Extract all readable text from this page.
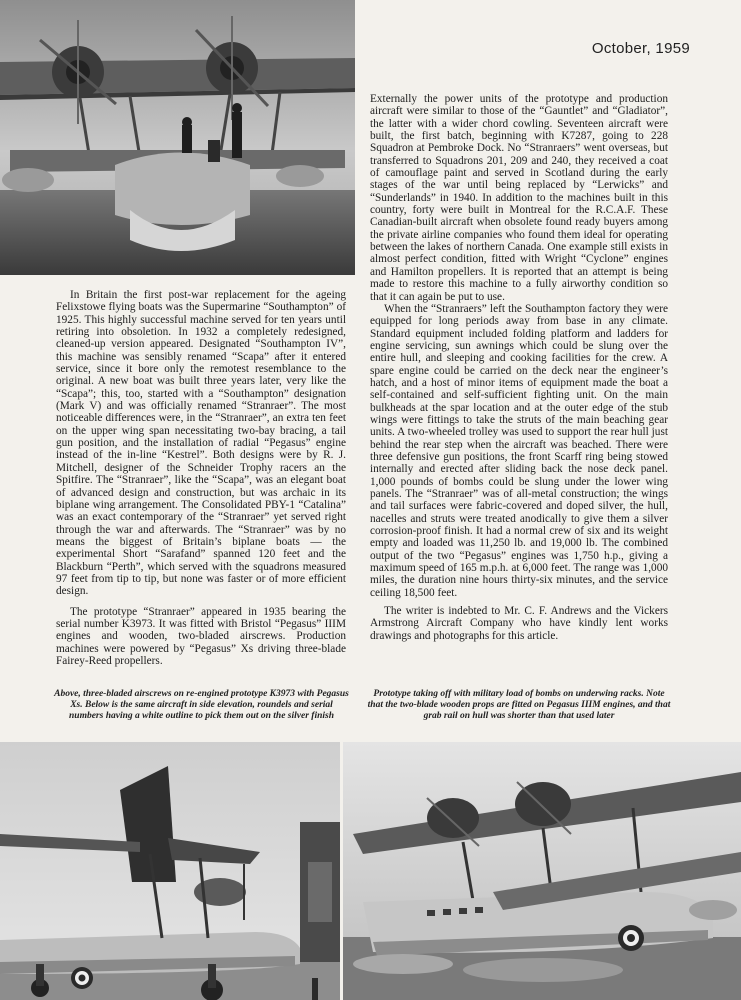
October, 1959

Externally the power units of the prototype and production aircraft were similar to those of the “Gauntlet” and “Gladiator”, the latter with a wider chord cowling. Seventeen aircraft were built, the first batch, beginning with K7287, going to 228 Squadron at Pembroke Dock. No “Stranraers” went overseas, but transferred to Squadrons 201, 209 and 240, they received a coat of camouflage paint and served in Scotland during the early stages of the war until being replaced by “Lerwicks” and “Sunderlands” in 1940. In addition to the machines built in this country, forty were built in Montreal for the R.C.A.F. These Canadian-built aircraft when obsolete found ready buyers among the private airline companies who found them ideal for operating between the lakes of northern Canada. One example still exists in almost perfect condition, fitted with Wright “Cyclone” engines and Hamilton propellers. It is reported that an attempt is being made to restore this machine to a fully airworthy condition so that it can again be put to use.

When the “Stranraers” left the Southampton factory they were equipped for long periods away from base in any climate. Standard equipment included folding platform and ladders for engine servicing, sun awnings which could be slung over the entire hull, and sleeping and cooking facilities for the crew. A spare engine could be carried on the deck near the engineer’s hatch, and a host of minor items of equipment made the boat a self-contained and self-sufficient fighting unit. On the main bulkheads at the spar location and at the outer edge of the stub wings were fittings to take the struts of the main beaching gear units. A two-wheeled trolley was used to support the rear hull just behind the rear step when the aircraft was beached. There were three defensive gun positions, the front Scarff ring being stowed internally and erected after sliding back the nose deck panel. 1,000 pounds of bombs could be slung under the lower wing panels. The “Stranraer” was of all-metal construction; the wings and tail surfaces were fabric-covered and doped silver, the hull, nacelles and struts were treated anodically to give them a silver corrosion-proof finish. It had a normal crew of six and its weight empty and loaded was 11,250 lb. and 19,000 lb. The combined output of the two “Pegasus” engines was 1,750 h.p., giving a maximum speed of 165 m.p.h. at 6,000 feet. The range was 1,000 miles, the duration nine hours thirty-six minutes, and the service ceiling 18,500 feet.

The writer is indebted to Mr. C. F. Andrews and the Vickers Armstrong Aircraft Company who have kindly lent works drawings and photographs for this article.

In Britain the first post-war replacement for the ageing Felixstowe flying boats was the Supermarine “Southampton” of 1925. This highly successful machine served for ten years until retiring into obsoletion. In 1932 a completely redesigned, cleaned-up version appeared. Designated “Southampton IV”, this machine was sensibly renamed “Scapa” after it entered service, since it bore only the remotest resemblance to the original. A new boat was built three years later, very like the “Scapa”; this, too, started with a “Southampton” designation (Mark V) and was officially renamed “Stranraer”. The most noticeable differences were, in the “Stranraer”, an extra ten feet on the upper wing span necessitating two-bay bracing, a tail gun position, and the installation of radial “Pegasus” engine instead of the in-line “Kestrel”. Both designs were by R. J. Mitchell, designer of the Schneider Trophy racers an the Spitfire. The “Stranraer”, like the “Scapa”, was an elegant boat of advanced design and construction, but was archaic in its biplane wing arrangement. The Consolidated PBY-1 “Catalina” was an exact contemporary of the “Stranraer” yet served right through the war and afterwards. The “Stranraer” was by no means the biggest of Britain’s biplane boats — the experimental Short “Sarafand” spanned 120 feet and the Blackburn “Perth”, which served with the squadrons measured 97 feet from tip to tip, but none was faster or of more efficient design.

The prototype “Stranraer” appeared in 1935 bearing the serial number K3973. It was fitted with Bristol “Pegasus” IIIM engines and wooden, two-bladed airscrews. Production machines were powered by “Pegasus” Xs driving three-blade Fairey-Reed propellers.

Above, three-bladed airscrews on re-engined prototype K3973 with Pegasus Xs. Below is the same aircraft in side elevation, roundels and serial numbers having a white outline to pick them out on the silver finish
Prototype taking off with military load of bombs on underwing racks. Note that the two-blade wooden props are fitted on Pegasus IIIM engines, and that grab rail on hull was shorter than that used later
